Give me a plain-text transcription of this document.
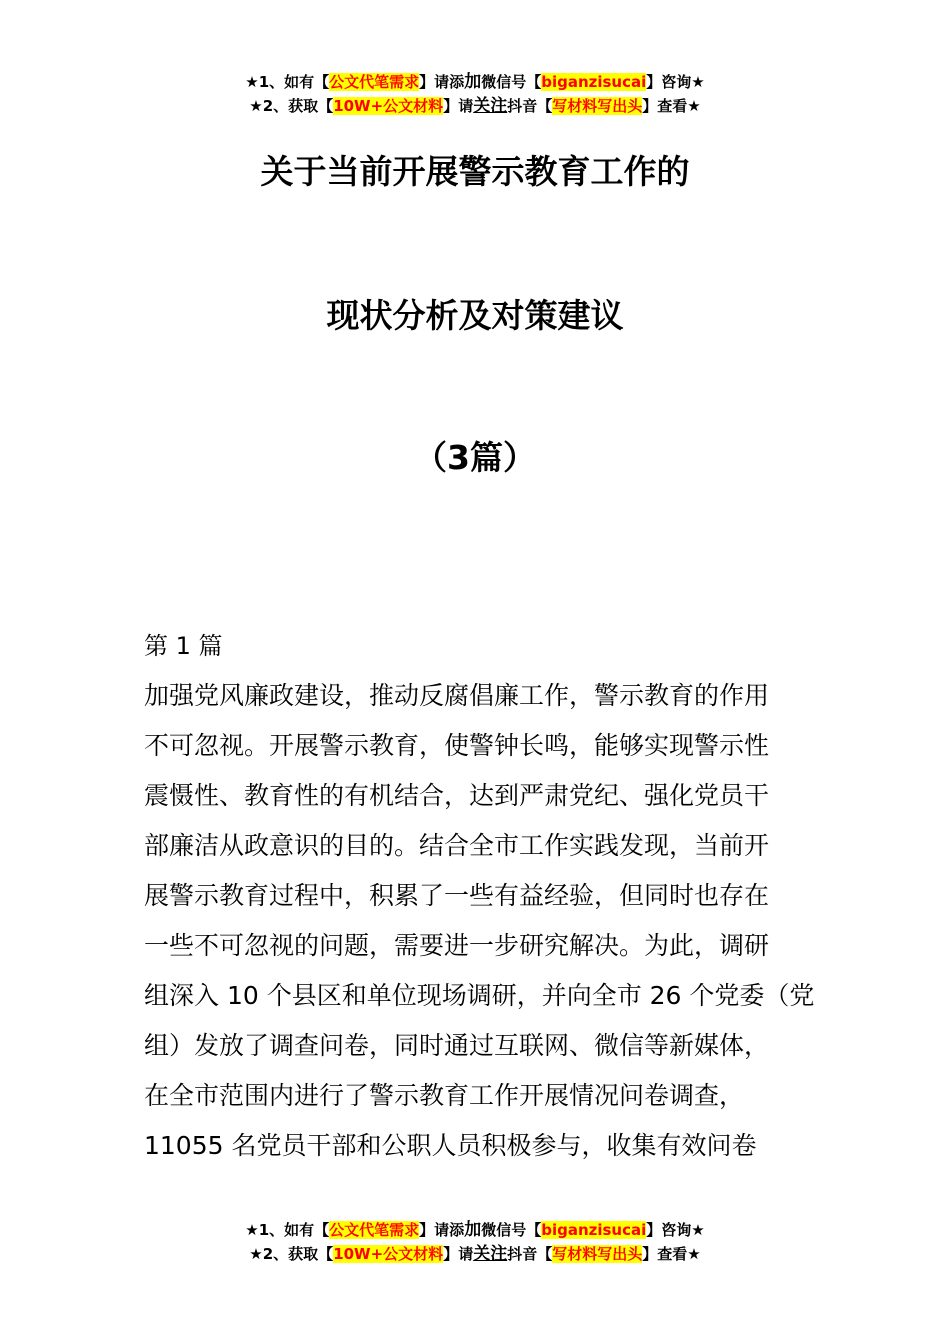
★1、如有【公文代笔需求】请添加微信号【biganzisucai】咨询★
★2、获取【10W+公文材料】请关注抖音【写材料写出头】查看★
关于当前开展警示教育工作的
现状分析及对策建议
（3篇）
第 1 篇
加强党风廉政建设，推动反腐倡廉工作，警示教育的作用
不可忽视。开展警示教育，使警钟长鸣，能够实现警示性
震慑性、教育性的有机结合，达到严肃党纪、强化党员干
部廉洁从政意识的目的。结合全市工作实践发现，当前开
展警示教育过程中，积累了一些有益经验，但同时也存在
一些不可忽视的问题，需要进一步研究解决。为此，调研
组深入 10 个县区和单位现场调研，并向全市 26 个党委（党
组）发放了调查问卷，同时通过互联网、微信等新媒体，
在全市范围内进行了警示教育工作开展情况问卷调查，
11055 名党员干部和公职人员积极参与，收集有效问卷
★1、如有【公文代笔需求】请添加微信号【biganzisucai】咨询★
★2、获取【10W+公文材料】请关注抖音【写材料写出头】查看★
